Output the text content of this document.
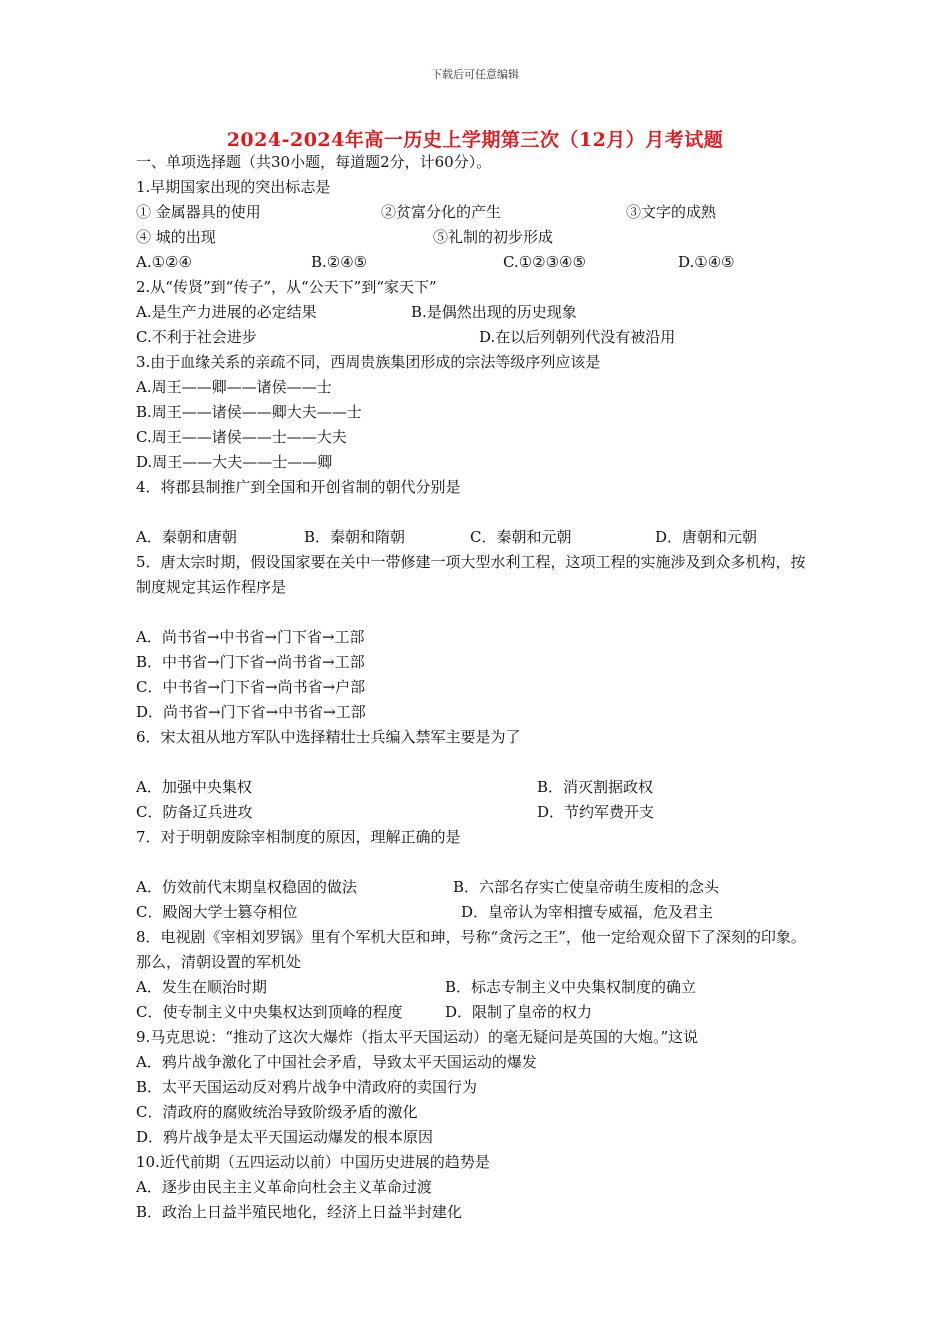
下载后可任意编辑
2024-2024年高一历史上学期第三次（12月）月考试题
一、单项选择题（共30小题，每道题2分，计60分）。
1.早期国家出现的突出标志是
① 金属器具的使用	②贫富分化的产生	③文字的成熟
④ 城的出现	⑤礼制的初步形成
A.①②④	B.②④⑤	C.①②③④⑤	D.①④⑤
2.从“传贤”到“传子”，从“公天下”到“家天下”
A.是生产力进展的必定结果	B.是偶然出现的历史现象
C.不利于社会进步	D.在以后列朝列代没有被沿用
3.由于血缘关系的亲疏不同，西周贵族集团形成的宗法等级序列应该是
A.周王——卿——诸侯——士
B.周王——诸侯——卿大夫——士
C.周王——诸侯——士——大夫
D.周王——大夫——士——卿
4．将郡县制推广到全国和开创省制的朝代分别是
A．秦朝和唐朝	B．秦朝和隋朝	C．秦朝和元朝	D．唐朝和元朝
5．唐太宗时期，假设国家要在关中一带修建一项大型水利工程，这项工程的实施涉及到众多机构，按制度规定其运作程序是
A．尚书省→中书省→门下省→工部
B．中书省→门下省→尚书省→工部
C．中书省→门下省→尚书省→户部
D．尚书省→门下省→中书省→工部
6．宋太祖从地方军队中选择精壮士兵编入禁军主要是为了
A．加强中央集权	B．消灭割据政权
C．防备辽兵进攻	D．节约军费开支
7．对于明朝废除宰相制度的原因，理解正确的是
A．仿效前代末期皇权稳固的做法	B．六部名存实亡使皇帝萌生废相的念头
C．殿阁大学士篡夺相位	D．皇帝认为宰相擅专威福，危及君主
8．电视剧《宰相刘罗锅》里有个军机大臣和珅，号称“贪污之王”，他一定给观众留下了深刻的印象。那么，清朝设置的军机处
A．发生在顺治时期	B．标志专制主义中央集权制度的确立
C．使专制主义中央集权达到顶峰的程度	D．限制了皇帝的权力
9.马克思说：“推动了这次大爆炸（指太平天国运动）的毫无疑问是英国的大炮。”这说
A．鸦片战争激化了中国社会矛盾，导致太平天国运动的爆发
B．太平天国运动反对鸦片战争中清政府的卖国行为
C．清政府的腐败统治导致阶级矛盾的激化
D．鸦片战争是太平天国运动爆发的根本原因
10.近代前期（五四运动以前）中国历史进展的趋势是
A．逐步由民主主义革命向杜会主义革命过渡
B．政治上日益半殖民地化，经济上日益半封建化
